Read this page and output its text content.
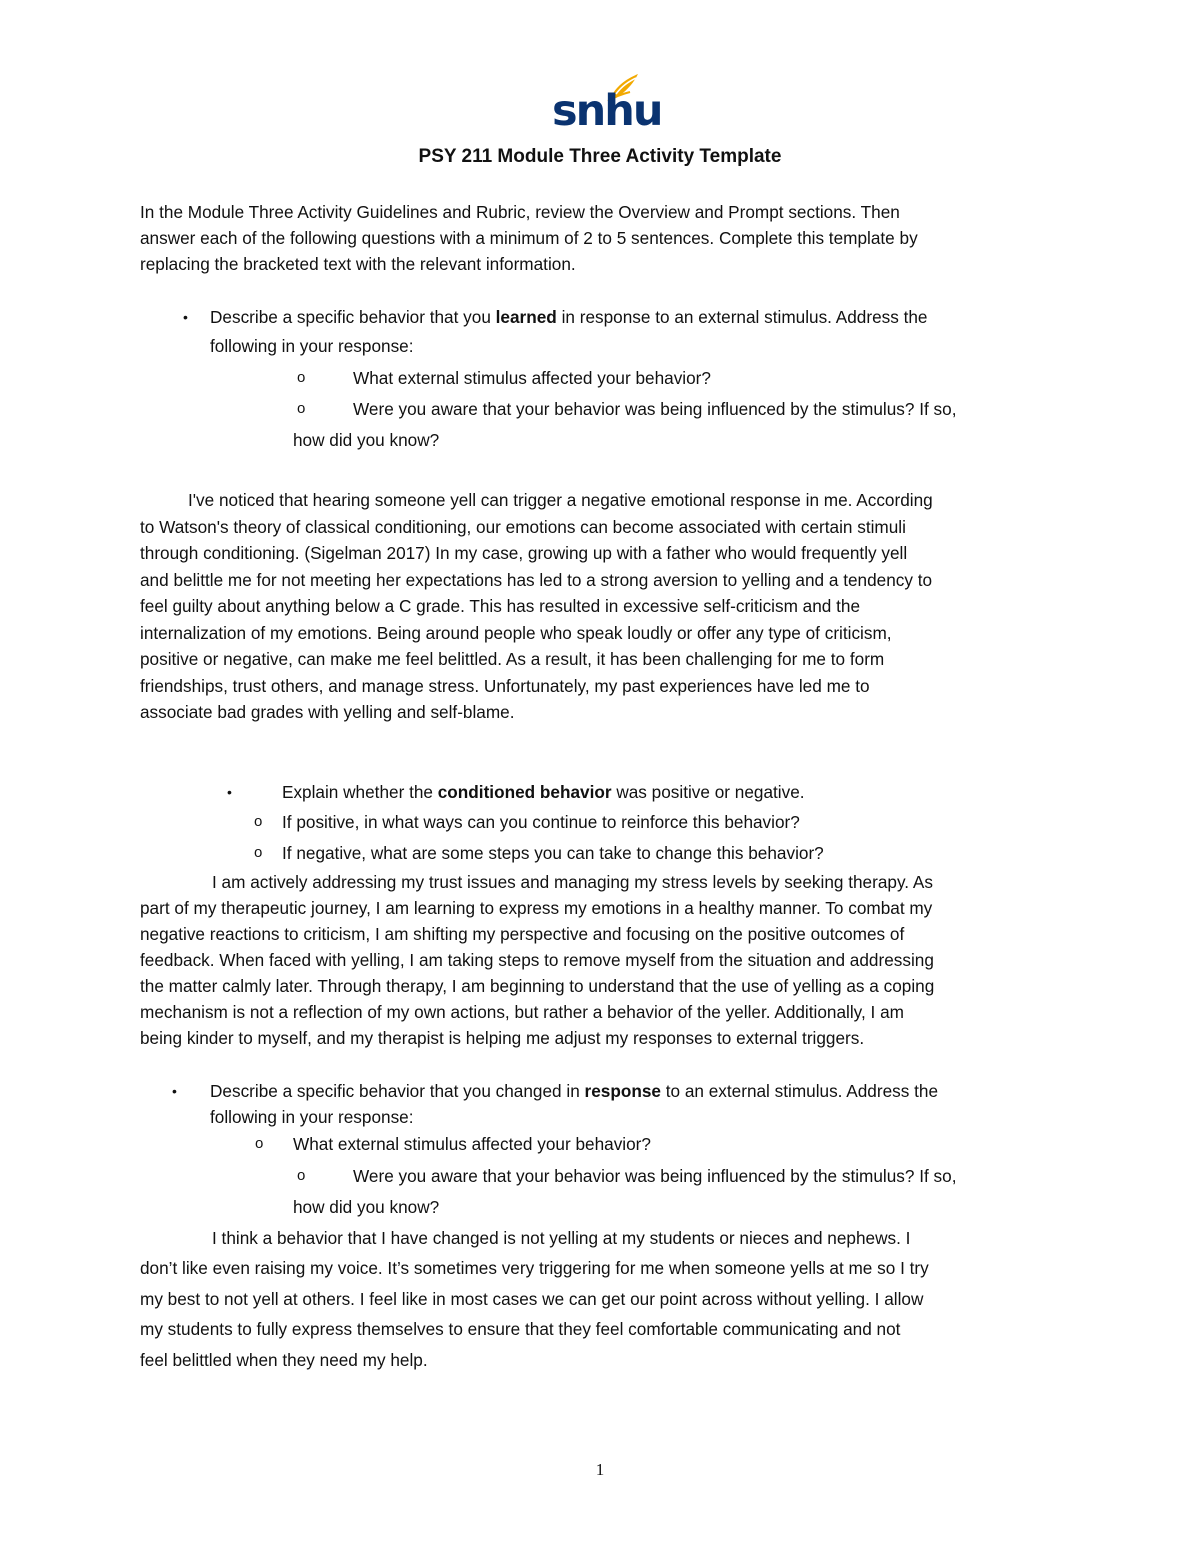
snhu
PSY 211 Module Three Activity Template
In the Module Three Activity Guidelines and Rubric, review the Overview and Prompt sections. Then
answer each of the following questions with a minimum of 2 to 5 sentences. Complete this template by
replacing the bracketed text with the relevant information.
• Describe a specific behavior that you learned in response to an external stimulus. Address the
following in your response:
o	What external stimulus affected your behavior?
o	Were you aware that your behavior was being influenced by the stimulus? If so,
how did you know?
I've noticed that hearing someone yell can trigger a negative emotional response in me. According
to Watson's theory of classical conditioning, our emotions can become associated with certain stimuli
through conditioning. (Sigelman 2017) In my case, growing up with a father who would frequently yell
and belittle me for not meeting her expectations has led to a strong aversion to yelling and a tendency to
feel guilty about anything below a C grade. This has resulted in excessive self-criticism and the
internalization of my emotions. Being around people who speak loudly or offer any type of criticism,
positive or negative, can make me feel belittled. As a result, it has been challenging for me to form
friendships, trust others, and manage stress. Unfortunately, my past experiences have led me to
associate bad grades with yelling and self-blame.
•	Explain whether the conditioned behavior was positive or negative.
o If positive, in what ways can you continue to reinforce this behavior?
o If negative, what are some steps you can take to change this behavior?
I am actively addressing my trust issues and managing my stress levels by seeking therapy. As
part of my therapeutic journey, I am learning to express my emotions in a healthy manner. To combat my
negative reactions to criticism, I am shifting my perspective and focusing on the positive outcomes of
feedback. When faced with yelling, I am taking steps to remove myself from the situation and addressing
the matter calmly later. Through therapy, I am beginning to understand that the use of yelling as a coping
mechanism is not a reflection of my own actions, but rather a behavior of the yeller. Additionally, I am
being kinder to myself, and my therapist is helping me adjust my responses to external triggers.
• Describe a specific behavior that you changed in response to an external stimulus. Address the
following in your response:
o What external stimulus affected your behavior?
o	Were you aware that your behavior was being influenced by the stimulus? If so,
how did you know?
I think a behavior that I have changed is not yelling at my students or nieces and nephews. I
don’t like even raising my voice. It’s sometimes very triggering for me when someone yells at me so I try
my best to not yell at others. I feel like in most cases we can get our point across without yelling. I allow
my students to fully express themselves to ensure that they feel comfortable communicating and not
feel belittled when they need my help.
1
